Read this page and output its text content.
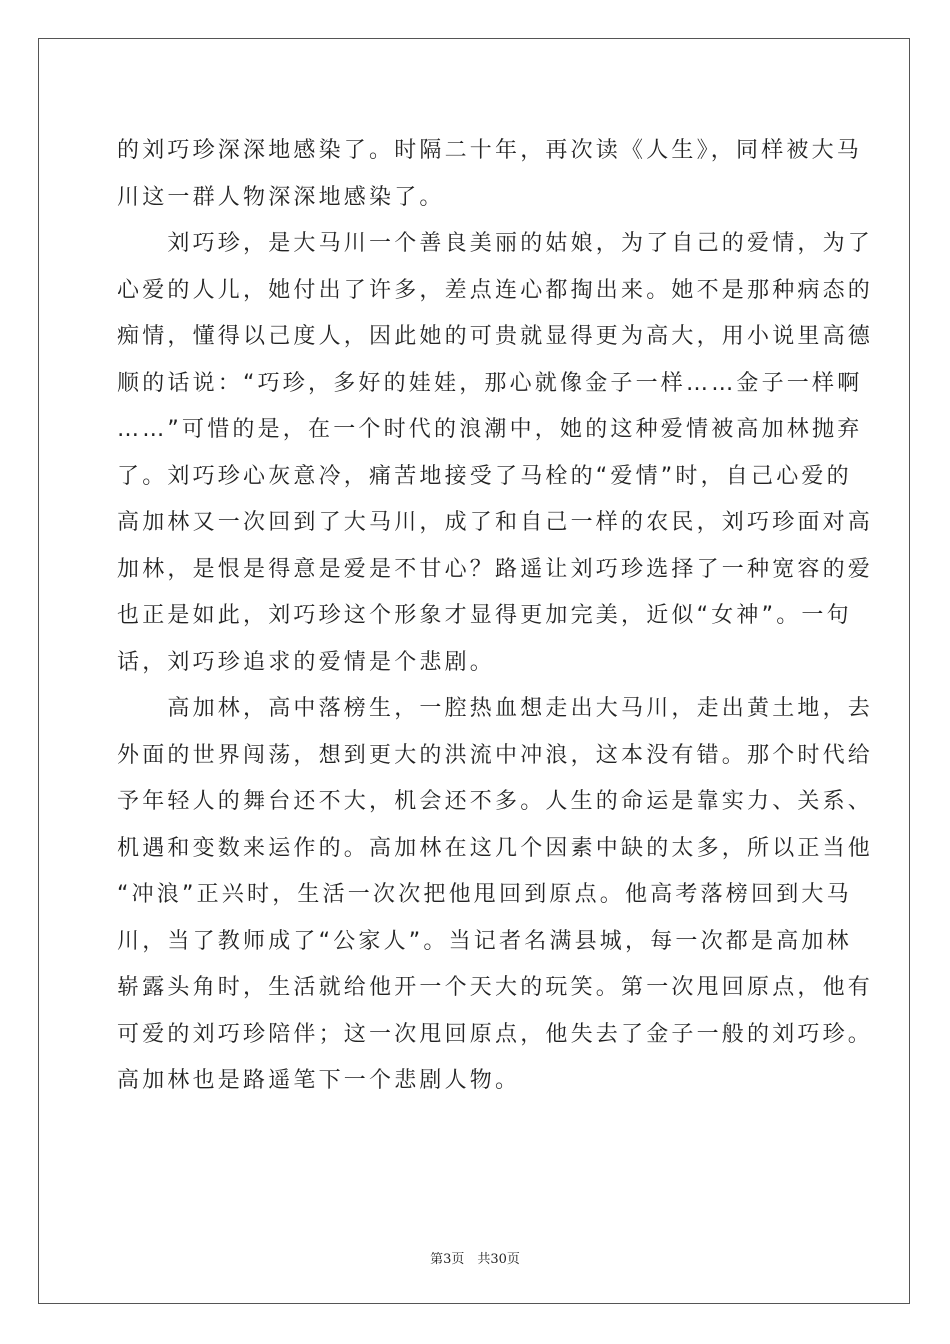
的刘巧珍深深地感染了。时隔二十年，再次读《人生》，同样被大马
川这一群人物深深地感染了。
　　刘巧珍，是大马川一个善良美丽的姑娘，为了自己的爱情，为了
心爱的人儿，她付出了许多，差点连心都掏出来。她不是那种病态的
痴情，懂得以己度人，因此她的可贵就显得更为高大，用小说里高德
顺的话说：“巧珍，多好的娃娃，那心就像金子一样……金子一样啊
……”可惜的是，在一个时代的浪潮中，她的这种爱情被高加林抛弃
了。刘巧珍心灰意冷，痛苦地接受了马栓的“爱情”时，自己心爱的
高加林又一次回到了大马川，成了和自己一样的农民，刘巧珍面对高
加林，是恨是得意是爱是不甘心？路遥让刘巧珍选择了一种宽容的爱
也正是如此，刘巧珍这个形象才显得更加完美，近似“女神”。一句
话，刘巧珍追求的爱情是个悲剧。
　　高加林，高中落榜生，一腔热血想走出大马川，走出黄土地，去
外面的世界闯荡，想到更大的洪流中冲浪，这本没有错。那个时代给
予年轻人的舞台还不大，机会还不多。人生的命运是靠实力、关系、
机遇和变数来运作的。高加林在这几个因素中缺的太多，所以正当他
“冲浪”正兴时，生活一次次把他甩回到原点。他高考落榜回到大马
川，当了教师成了“公家人”。当记者名满县城，每一次都是高加林
崭露头角时，生活就给他开一个天大的玩笑。第一次甩回原点，他有
可爱的刘巧珍陪伴；这一次甩回原点，他失去了金子一般的刘巧珍。
高加林也是路遥笔下一个悲剧人物。
第3页　共30页
